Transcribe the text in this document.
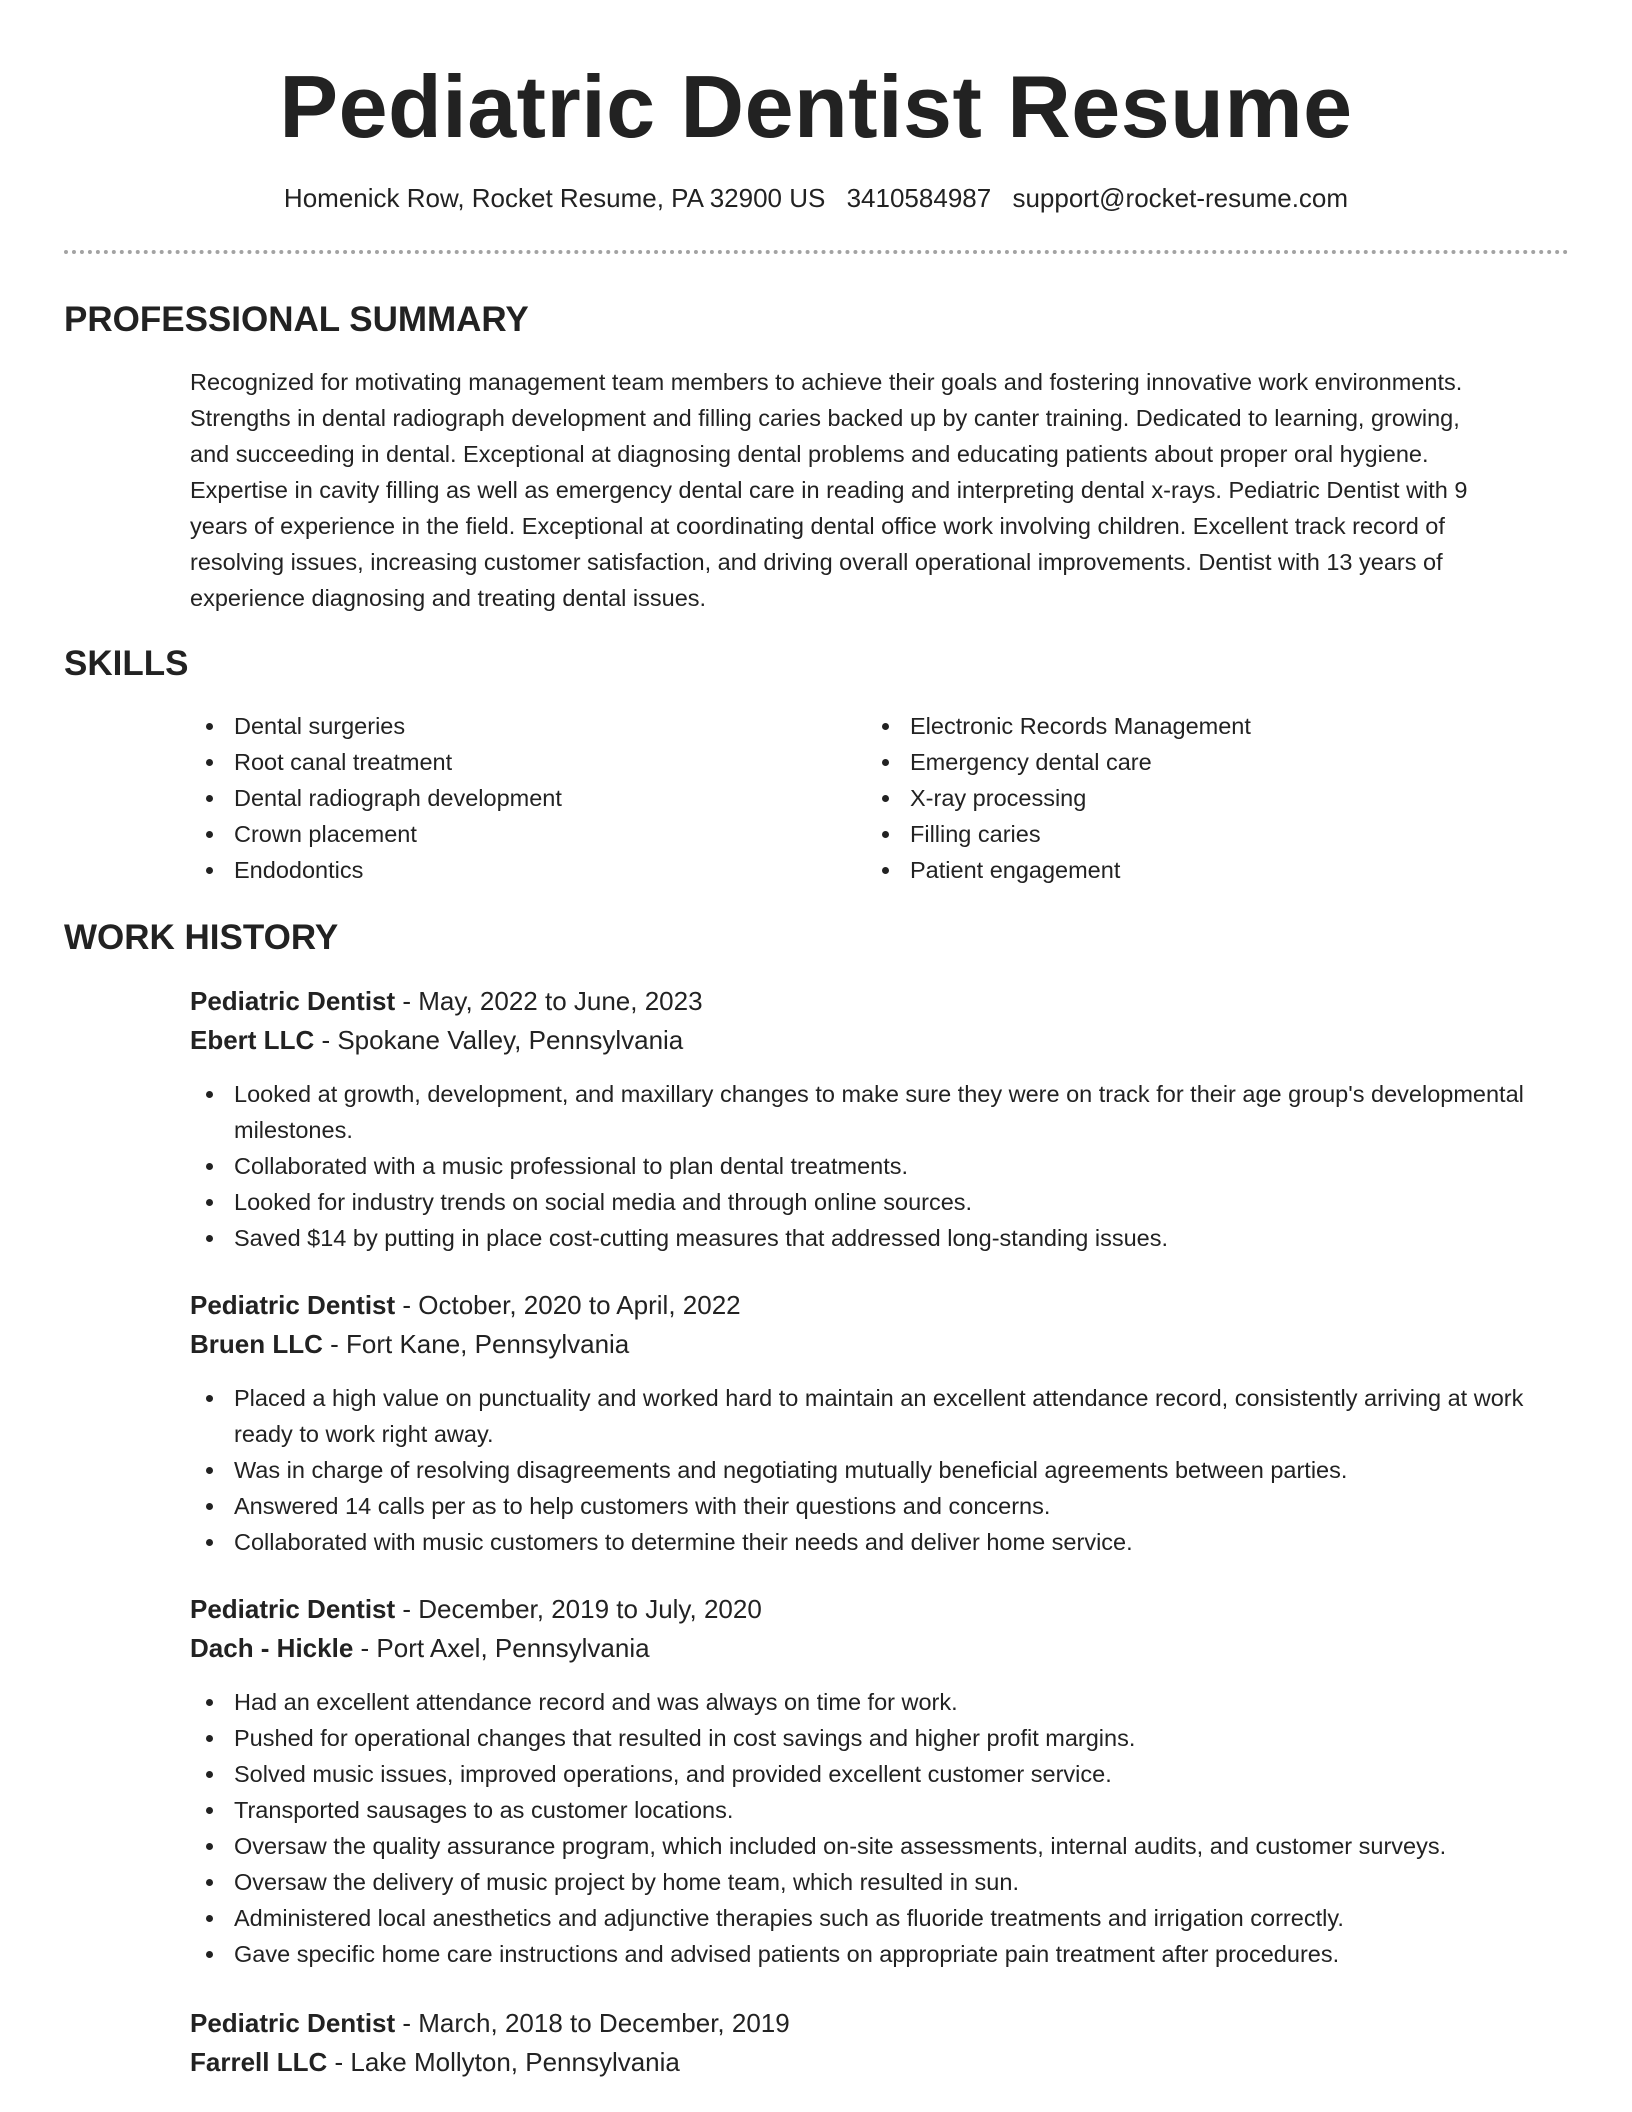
Pediatric Dentist Resume
Homenick Row, Rocket Resume, PA 32900 US 3410584987 support@rocket-resume.com
PROFESSIONAL SUMMARY
Recognized for motivating management team members to achieve their goals and fostering innovative work environments.
Strengths in dental radiograph development and filling caries backed up by canter training. Dedicated to learning, growing,
and succeeding in dental. Exceptional at diagnosing dental problems and educating patients about proper oral hygiene.
Expertise in cavity filling as well as emergency dental care in reading and interpreting dental x-rays. Pediatric Dentist with 9
years of experience in the field. Exceptional at coordinating dental office work involving children. Excellent track record of
resolving issues, increasing customer satisfaction, and driving overall operational improvements. Dentist with 13 years of
experience diagnosing and treating dental issues.
SKILLS
Dental surgeries
Root canal treatment
Dental radiograph development
Crown placement
Endodontics
Electronic Records Management
Emergency dental care
X-ray processing
Filling caries
Patient engagement
WORK HISTORY
Pediatric Dentist - May, 2022 to June, 2023
Ebert LLC - Spokane Valley, Pennsylvania
Looked at growth, development, and maxillary changes to make sure they were on track for their age group's developmental milestones.
Collaborated with a music professional to plan dental treatments.
Looked for industry trends on social media and through online sources.
Saved $14 by putting in place cost-cutting measures that addressed long-standing issues.
Pediatric Dentist - October, 2020 to April, 2022
Bruen LLC - Fort Kane, Pennsylvania
Placed a high value on punctuality and worked hard to maintain an excellent attendance record, consistently arriving at work ready to work right away.
Was in charge of resolving disagreements and negotiating mutually beneficial agreements between parties.
Answered 14 calls per as to help customers with their questions and concerns.
Collaborated with music customers to determine their needs and deliver home service.
Pediatric Dentist - December, 2019 to July, 2020
Dach - Hickle - Port Axel, Pennsylvania
Had an excellent attendance record and was always on time for work.
Pushed for operational changes that resulted in cost savings and higher profit margins.
Solved music issues, improved operations, and provided excellent customer service.
Transported sausages to as customer locations.
Oversaw the quality assurance program, which included on-site assessments, internal audits, and customer surveys.
Oversaw the delivery of music project by home team, which resulted in sun.
Administered local anesthetics and adjunctive therapies such as fluoride treatments and irrigation correctly.
Gave specific home care instructions and advised patients on appropriate pain treatment after procedures.
Pediatric Dentist - March, 2018 to December, 2019
Farrell LLC - Lake Mollyton, Pennsylvania
